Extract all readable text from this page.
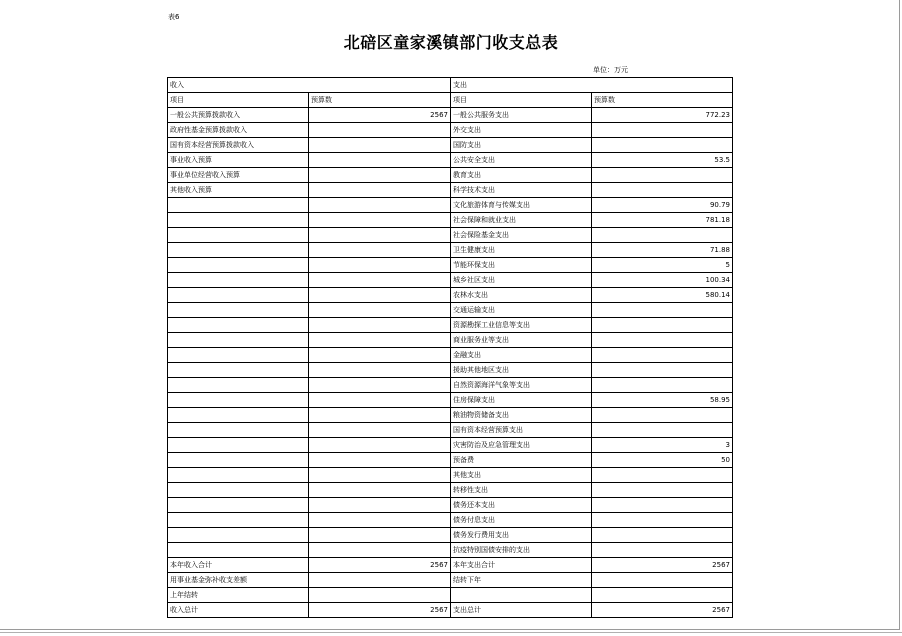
表6
北碚区童家溪镇部门收支总表
单位：万元
收入		支出	
项目	预算数	项目	预算数
一般公共预算拨款收入	2567	一般公共服务支出	772.23
政府性基金预算拨款收入		外交支出	
国有资本经营预算拨款收入		国防支出	
事业收入预算		公共安全支出	53.5
事业单位经营收入预算		教育支出	
其他收入预算		科学技术支出	
		文化旅游体育与传媒支出	90.79
		社会保障和就业支出	781.18
		社会保险基金支出	
		卫生健康支出	71.88
		节能环保支出	5
		城乡社区支出	100.34
		农林水支出	580.14
		交通运输支出	
		资源勘探工业信息等支出	
		商业服务业等支出	
		金融支出	
		援助其他地区支出	
		自然资源海洋气象等支出	
		住房保障支出	58.95
		粮油物资储备支出	
		国有资本经营预算支出	
		灾害防治及应急管理支出	3
		预备费	50
		其他支出	
		转移性支出	
		债务还本支出	
		债务付息支出	
		债务发行费用支出	
		抗疫特别国债安排的支出	
本年收入合计	2567	本年支出合计	2567
用事业基金弥补收支差额		结转下年	
上年结转			
收入总计	2567	支出总计	2567
